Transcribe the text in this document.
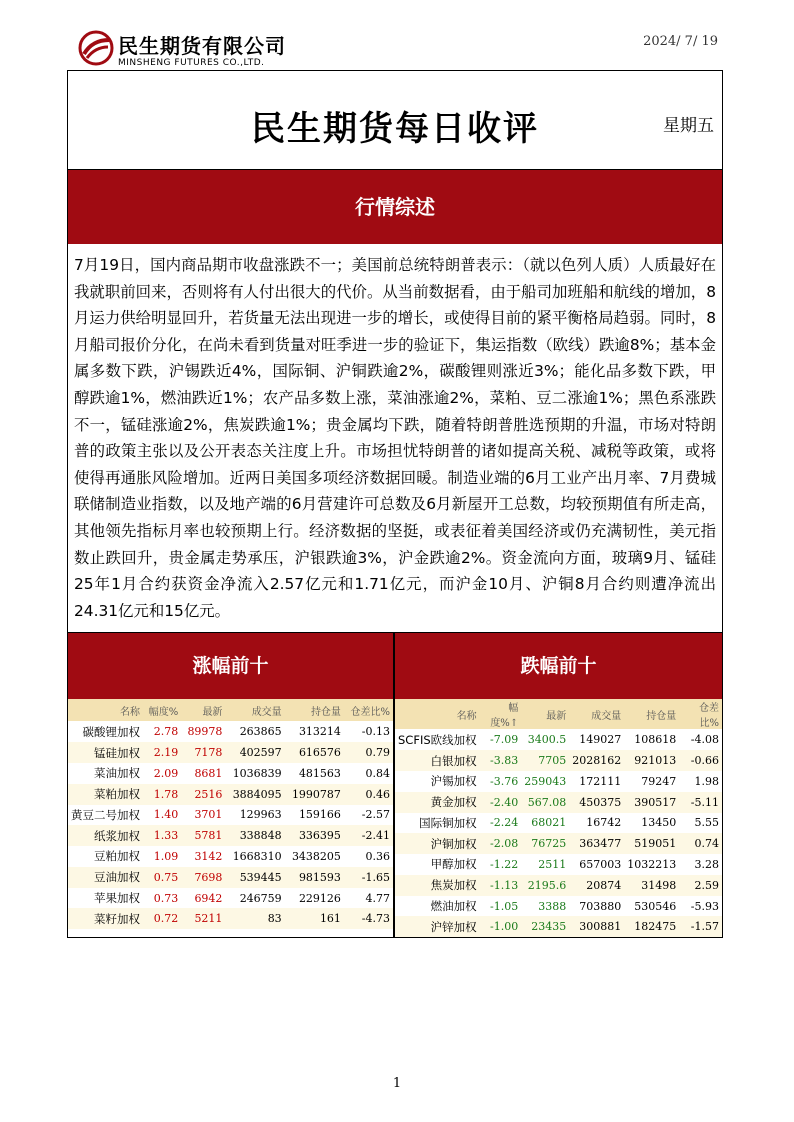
民生期货有限公司
MINSHENG FUTURES CO.,LTD.
2024/ 7/ 19
民生期货每日收评	星期五
行情综述
7月19日，国内商品期市收盘涨跌不一；美国前总统特朗普表示：（就以色列人质）人质最好在我就职前回来，否则将有人付出很大的代价。从当前数据看，由于船司加班船和航线的增加，8月运力供给明显回升，若货量无法出现进一步的增长，或使得目前的紧平衡格局趋弱。同时，8月船司报价分化，在尚未看到货量对旺季进一步的验证下，集运指数（欧线）跌逾8%；基本金属多数下跌，沪锡跌近4%，国际铜、沪铜跌逾2%，碳酸锂则涨近3%；能化品多数下跌，甲醇跌逾1%，燃油跌近1%；农产品多数上涨，菜油涨逾2%，菜粕、豆二涨逾1%；黑色系涨跌不一，锰硅涨逾2%，焦炭跌逾1%；贵金属均下跌，随着特朗普胜选预期的升温，市场对特朗普的政策主张以及公开表态关注度上升。市场担忧特朗普的诸如提高关税、减税等政策，或将使得再通胀风险增加。近两日美国多项经济数据回暖。制造业端的6月工业产出月率、7月费城联储制造业指数，以及地产端的6月营建许可总数及6月新屋开工总数，均较预期值有所走高，其他领先指标月率也较预期上行。经济数据的坚挺，或表征着美国经济或仍充满韧性，美元指数止跌回升，贵金属走势承压，沪银跌逾3%，沪金跌逾2%。资金流向方面，玻璃9月、锰硅25年1月合约获资金净流入2.57亿元和1.71亿元，而沪金10月、沪铜8月合约则遭净流出24.31亿元和15亿元。
涨幅前十
名称	幅度%	最新	成交量	持仓量	仓差比%
碳酸锂加权	2.78	89978	263865	313214	-0.13
锰硅加权	2.19	7178	402597	616576	0.79
菜油加权	2.09	8681	1036839	481563	0.84
菜粕加权	1.78	2516	3884095	1990787	0.46
黄豆二号加权	1.40	3701	129963	159166	-2.57
纸浆加权	1.33	5781	338848	336395	-2.41
豆粕加权	1.09	3142	1668310	3438205	0.36
豆油加权	0.75	7698	539445	981593	-1.65
苹果加权	0.73	6942	246759	229126	4.77
菜籽加权	0.72	5211	83	161	-4.73
跌幅前十
名称	幅度%↑	最新	成交量	持仓量	仓差比%
SCFIS欧线加权	-7.09	3400.5	149027	108618	-4.08
白银加权	-3.83	7705	2028162	921013	-0.66
沪锡加权	-3.76	259043	172111	79247	1.98
黄金加权	-2.40	567.08	450375	390517	-5.11
国际铜加权	-2.24	68021	16742	13450	5.55
沪铜加权	-2.08	76725	363477	519051	0.74
甲醇加权	-1.22	2511	657003	1032213	3.28
焦炭加权	-1.13	2195.6	20874	31498	2.59
燃油加权	-1.05	3388	703880	530546	-5.93
沪锌加权	-1.00	23435	300881	182475	-1.57
1
